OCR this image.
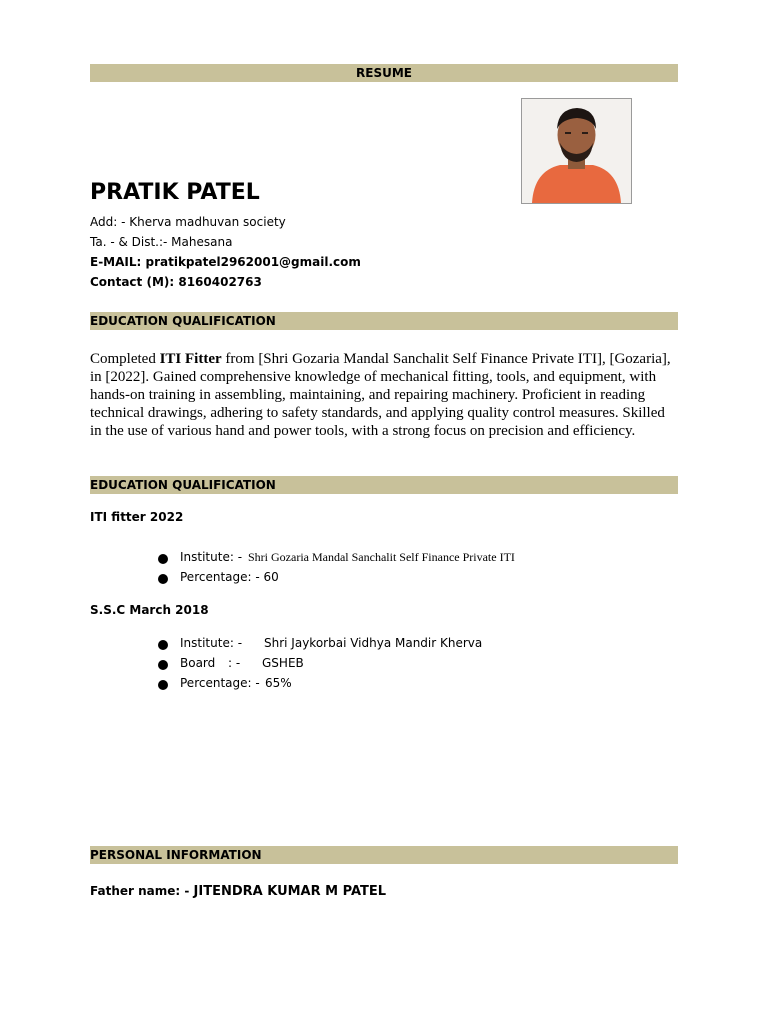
RESUME
PRATIK PATEL
Add: - Kherva madhuvan society
Ta. - & Dist.:- Mahesana
E-MAIL: pratikpatel2962001@gmail.com
Contact (M): 8160402763
EDUCATION QUALIFICATION
Completed ITI Fitter from [Shri Gozaria Mandal Sanchalit Self Finance Private ITI], [Gozaria], in [2022]. Gained comprehensive knowledge of mechanical fitting, tools, and equipment, with hands-on training in assembling, maintaining, and repairing machinery. Proficient in reading technical drawings, adhering to safety standards, and applying quality control measures. Skilled in the use of various hand and power tools, with a strong focus on precision and efficiency.
EDUCATION QUALIFICATION
ITI fitter 2022
Institute: - Shri Gozaria Mandal Sanchalit Self Finance Private ITI
Percentage: - 60
S.S.C March 2018
Institute: - Shri Jaykorbai Vidhya Mandir Kherva
Board : - GSHEB
Percentage: - 65%
PERSONAL INFORMATION
Father name: - JITENDRA KUMAR M PATEL
